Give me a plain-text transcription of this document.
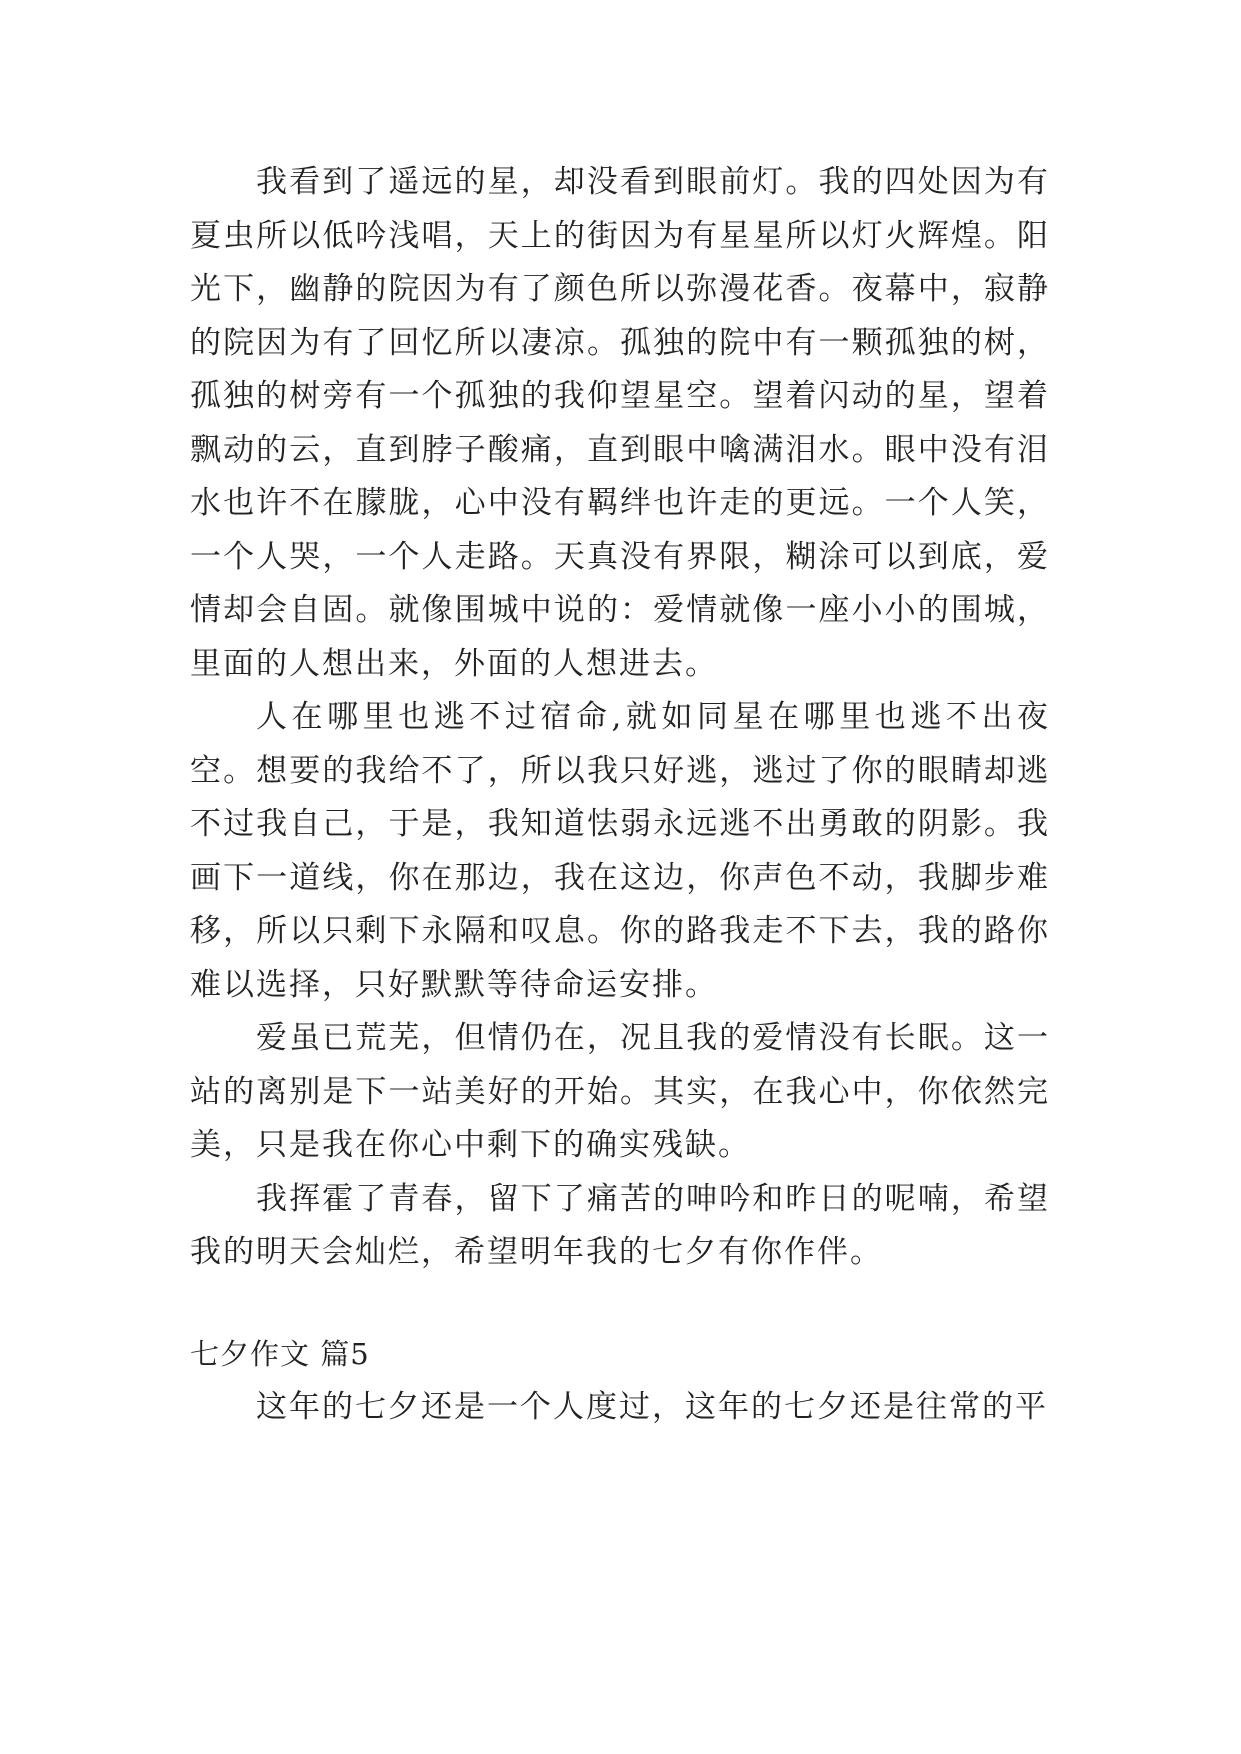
我看到了遥远的星，却没看到眼前灯。我的四处因为有夏虫所以低吟浅唱，天上的街因为有星星所以灯火辉煌。阳光下，幽静的院因为有了颜色所以弥漫花香。夜幕中，寂静的院因为有了回忆所以凄凉。孤独的院中有一颗孤独的树，孤独的树旁有一个孤独的我仰望星空。望着闪动的星，望着飘动的云，直到脖子酸痛，直到眼中噙满泪水。眼中没有泪水也许不在朦胧，心中没有羁绊也许走的更远。一个人笑，一个人哭，一个人走路。天真没有界限，糊涂可以到底，爱情却会自固。就像围城中说的：爱情就像一座小小的围城，里面的人想出来，外面的人想进去。

人在哪里也逃不过宿命,就如同星在哪里也逃不出夜空。想要的我给不了，所以我只好逃，逃过了你的眼睛却逃不过我自己，于是，我知道怯弱永远逃不出勇敢的阴影。我画下一道线，你在那边，我在这边，你声色不动，我脚步难移，所以只剩下永隔和叹息。你的路我走不下去，我的路你难以选择，只好默默等待命运安排。

爱虽已荒芜，但情仍在，况且我的爱情没有长眠。这一站的离别是下一站美好的开始。其实，在我心中，你依然完美，只是我在你心中剩下的确实残缺。

我挥霍了青春，留下了痛苦的呻吟和昨日的呢喃，希望我的明天会灿烂，希望明年我的七夕有你作伴。

七夕作文 篇5

这年的七夕还是一个人度过，这年的七夕还是往常的平
